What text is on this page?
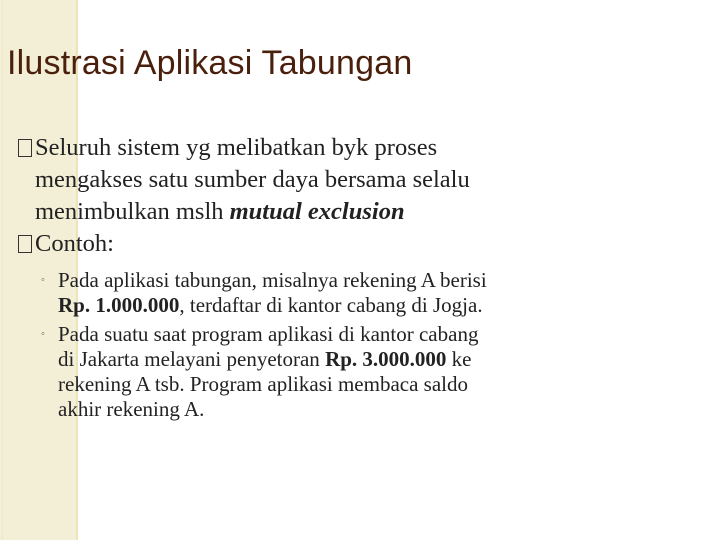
Ilustrasi Aplikasi Tabungan

Seluruh sistem yg melibatkan byk proses
mengakses satu sumber daya bersama selalu
menimbulkan mslh mutual exclusion

Contoh:

◦ Pada aplikasi tabungan, misalnya rekening A berisi
Rp. 1.000.000, terdaftar di kantor cabang di Jogja.

◦ Pada suatu saat program aplikasi di kantor cabang
di Jakarta melayani penyetoran Rp. 3.000.000 ke
rekening A tsb. Program aplikasi membaca saldo
akhir rekening A.
